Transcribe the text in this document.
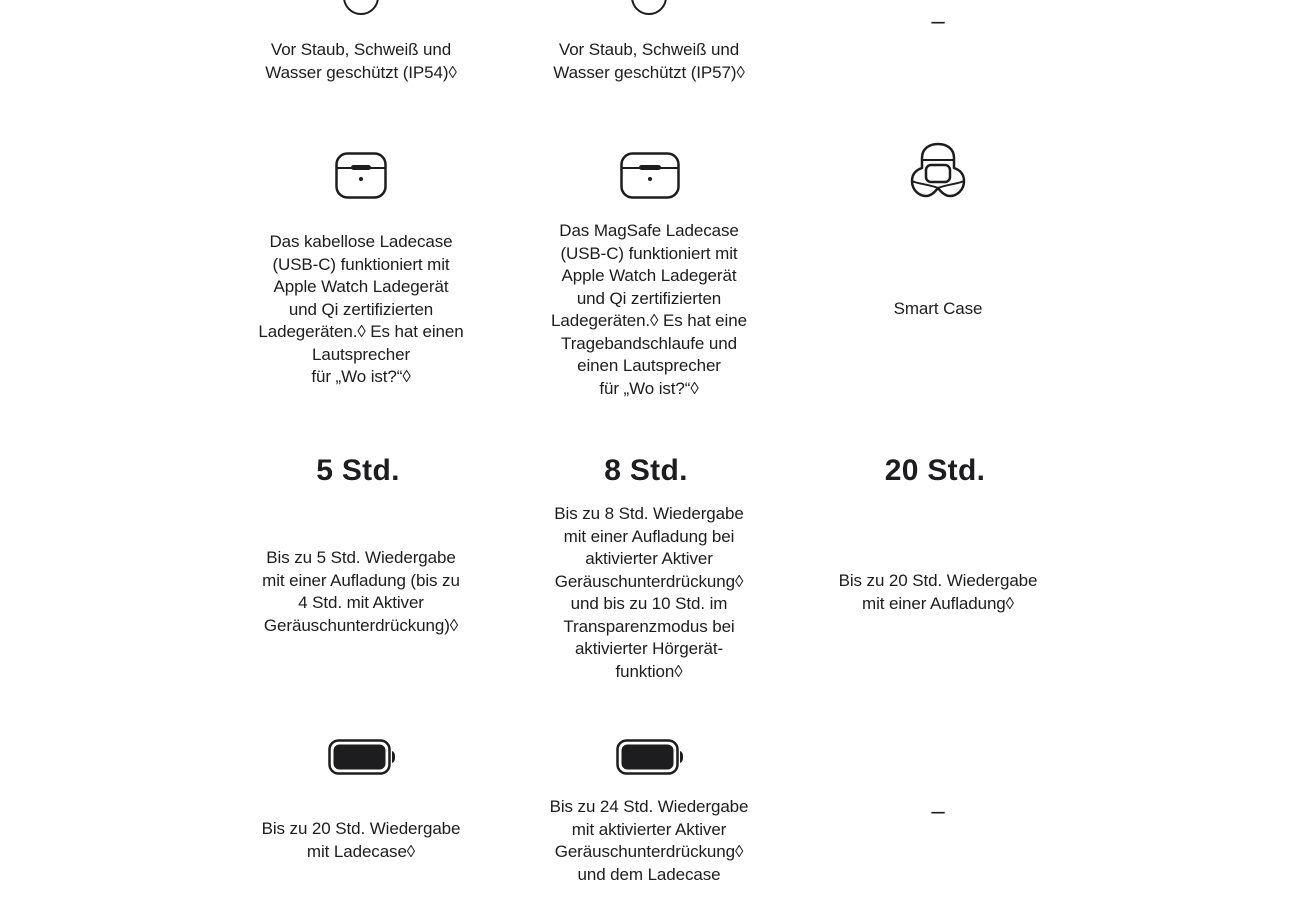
Vor Staub, Schweiß und
Wasser geschützt (IP54)◊
Vor Staub, Schweiß und
Wasser geschützt (IP57)◊
–
Das kabellose Ladecase
(USB-C) funktioniert mit
Apple Watch Ladegerät
und Qi zertifizierten
Ladegeräten.◊ Es hat einen
Lautsprecher
für „Wo ist?“◊
Das MagSafe Ladecase
(USB-C) funktioniert mit
Apple Watch Ladegerät
und Qi zertifizierten
Ladegeräten.◊ Es hat eine
Tragebandschlaufe und
einen Lautsprecher
für „Wo ist?“◊
Smart Case
5 Std.	8 Std.	20 Std.
Bis zu 5 Std. Wiedergabe
mit einer Aufladung (bis zu
4 Std. mit Aktiver
Geräuschunterdrückung)◊
Bis zu 8 Std. Wiedergabe
mit einer Aufladung bei
aktivierter Aktiver
Geräuschunterdrückung◊
und bis zu 10 Std. im
Transparenzmodus bei
aktivierter Hörgerät-
funktion◊
Bis zu 20 Std. Wiedergabe
mit einer Aufladung◊
Bis zu 20 Std. Wiedergabe
mit Ladecase◊
Bis zu 24 Std. Wiedergabe
mit aktivierter Aktiver
Geräuschunterdrückung◊
und dem Ladecase
–
